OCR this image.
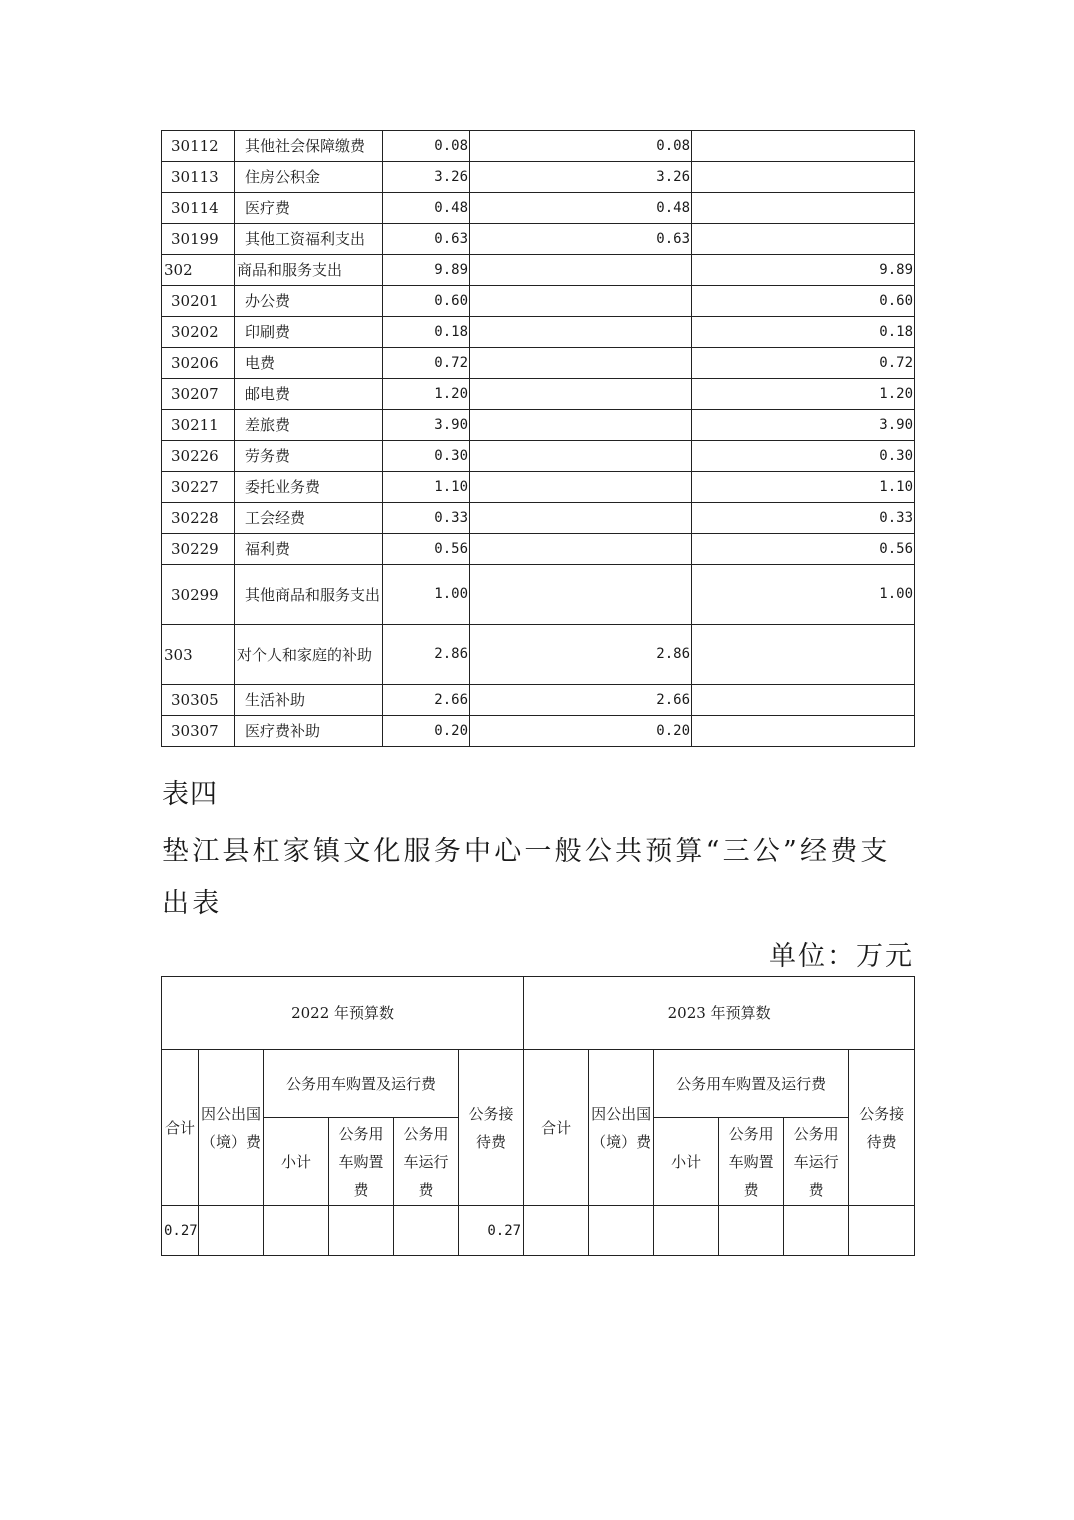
30112	其他社会保障缴费	0.08	0.08	
30113	住房公积金	3.26	3.26	
30114	医疗费	0.48	0.48	
30199	其他工资福利支出	0.63	0.63	
302	商品和服务支出	9.89		9.89
30201	办公费	0.60		0.60
30202	印刷费	0.18		0.18
30206	电费	0.72		0.72
30207	邮电费	1.20		1.20
30211	差旅费	3.90		3.90
30226	劳务费	0.30		0.30
30227	委托业务费	1.10		1.10
30228	工会经费	0.33		0.33
30229	福利费	0.56		0.56
30299	其他商品和服务支出	1.00		1.00
303	对个人和家庭的补助	2.86	2.86	
30305	生活补助	2.66	2.66	
30307	医疗费补助	0.20	0.20	
表四
垫江县杠家镇文化服务中心一般公共预算“三公”经费支出表
单位：万元
2022 年预算数						2023 年预算数					
合计	因公出国（境）费	公务用车购置及运行费			公务接待费	合计	因公出国（境）费	公务用车购置及运行费			公务接待费
		小计	公务用车购置费	公务用车运行费				小计	公务用车购置费	公务用车运行费	
0.27					0.27						
